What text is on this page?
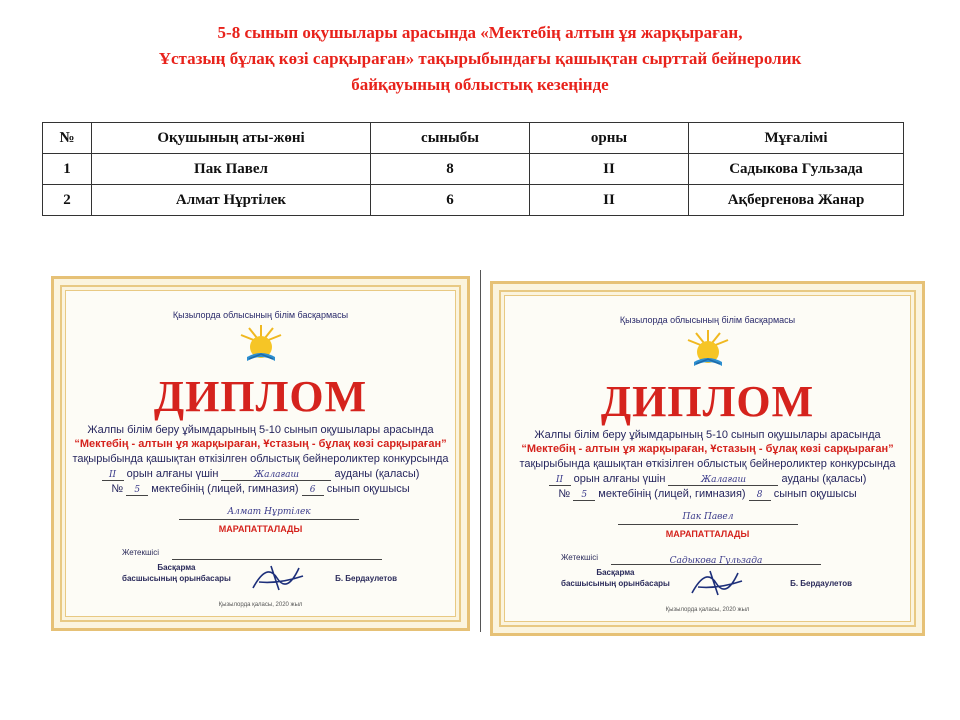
5-8 сынып оқушылары арасында «Мектебің алтын ұя жарқыраған,
Ұстазың бұлақ көзі сарқыраған» тақырыбындағы қашықтан сырттай бейнеролик
байқауының облыстық кезеңінде
№	Оқушының аты-жөні	сыныбы	орны	Мұғалімі
1	Пак Павел	8	II	Садыкова Гульзада
2	Алмат Нұртілек	6	II	Ақбергенова Жанар
Қызылорда облысының білім басқармасы
ДИПЛОМ
Жалпы білім беру ұйымдарының 5-10 сынып оқушылары арасында
“Мектебің - алтын ұя жарқыраған, Ұстазың - бұлақ көзі сарқыраған”
тақырыбында қашықтан өткізілген облыстық бейнероликтер конкурсында
II орын алғаны үшін	Жалағаш	ауданы (қаласы)
№ 5 мектебінің (лицей, гимназия) 6 сынып оқушысы
Алмат Нұртілек
МАРАПАТТАЛАДЫ
Жетекшісі
Басқарма
басшысының орынбасары	Б. Бердаулетов
Қызылорда қаласы, 2020 жыл
Қызылорда облысының білім басқармасы
ДИПЛОМ
Жалпы білім беру ұйымдарының 5-10 сынып оқушылары арасында
“Мектебің - алтын ұя жарқыраған, Ұстазың - бұлақ көзі сарқыраған”
тақырыбында қашықтан өткізілген облыстық бейнероликтер конкурсында
II орын алғаны үшін	Жалағаш	ауданы (қаласы)
№ 5 мектебінің (лицей, гимназия) 8 сынып оқушысы
Пак Павел
МАРАПАТТАЛАДЫ
Жетекшісі	Садыкова Гульзада
Басқарма
басшысының орынбасары	Б. Бердаулетов
Қызылорда қаласы, 2020 жыл
